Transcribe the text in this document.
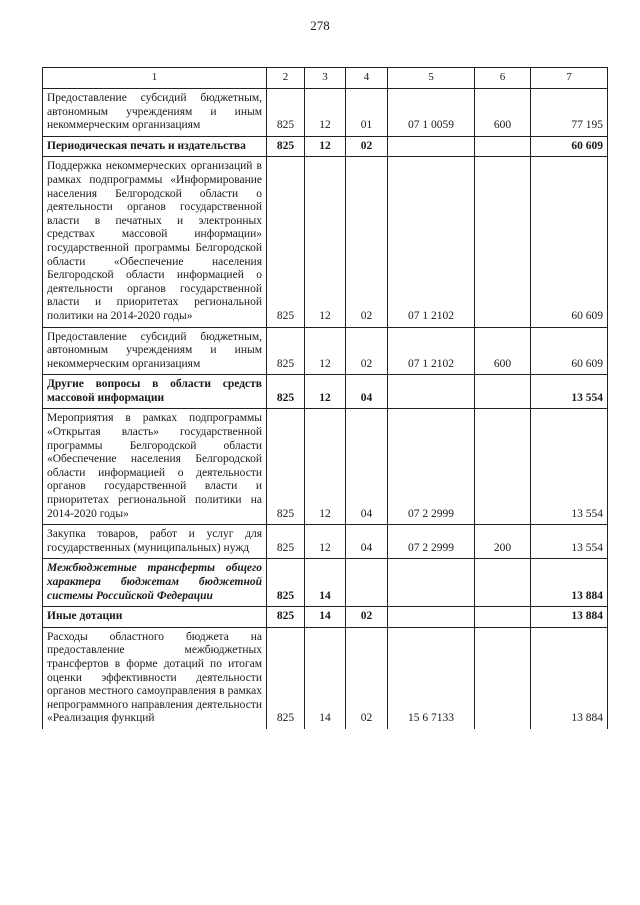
278
1	2	3	4	5	6	7
Предоставление субсидий бюджетным, автономным учреждениям и иным некоммерческим организациям	825	12	01	07 1 0059	600	77 195
Периодическая печать и издательства	825	12	02			60 609
Поддержка некоммерческих организаций в рамках подпрограммы «Информирование населения Белгородской области о деятельности органов государственной власти в печатных и электронных средствах массовой информации» государственной программы Белгородской области «Обеспечение населения Белгородской области информацией о деятельности органов государственной власти и приоритетах региональной политики на 2014-2020 годы»	825	12	02	07 1 2102		60 609
Предоставление субсидий бюджетным, автономным учреждениям и иным некоммерческим организациям	825	12	02	07 1 2102	600	60 609
Другие вопросы в области средств массовой информации	825	12	04			13 554
Мероприятия в рамках подпрограммы «Открытая власть» государственной программы Белгородской области «Обеспечение населения Белгородской области информацией о деятельности органов государственной власти и приоритетах региональной политики на 2014-2020 годы»	825	12	04	07 2 2999		13 554
Закупка товаров, работ и услуг для государственных (муниципальных) нужд	825	12	04	07 2 2999	200	13 554
Межбюджетные трансферты общего характера бюджетам бюджетной системы Российской Федерации	825	14				13 884
Иные дотации	825	14	02			13 884
Расходы областного бюджета на предоставление межбюджетных трансфертов в форме дотаций по итогам оценки эффективности деятельности органов местного самоуправления в рамках непрограммного направления деятельности «Реализация функций	825	14	02	15 6 7133		13 884
